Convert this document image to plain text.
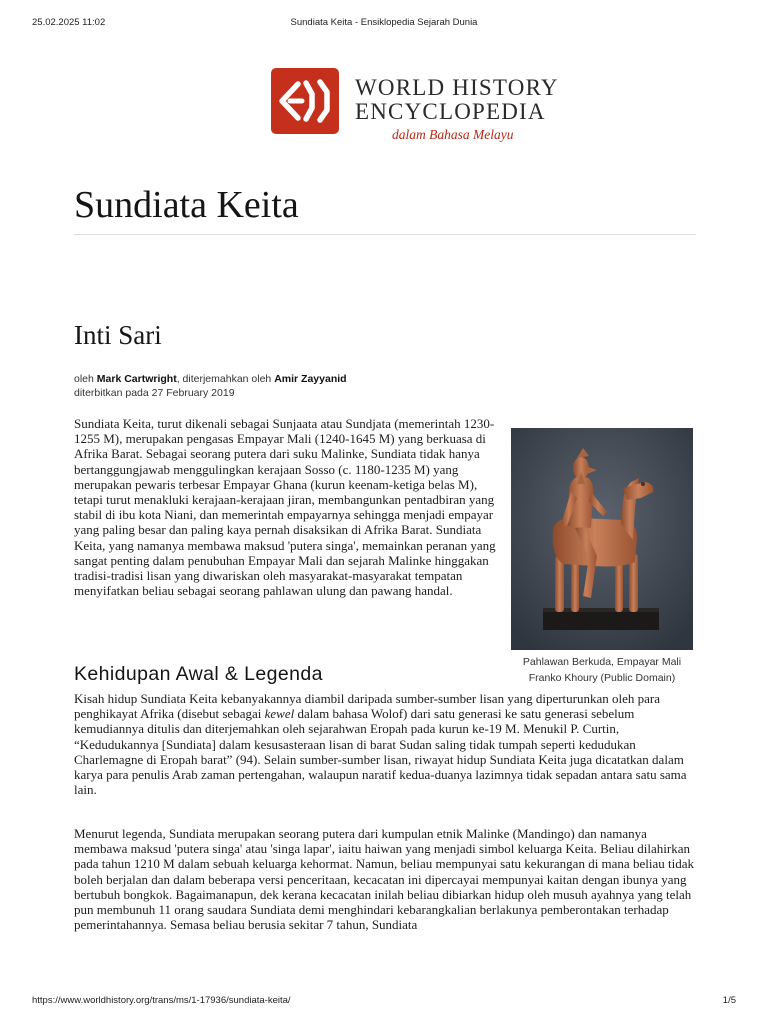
25.02.2025 11:02	Sundiata Keita - Ensiklopedia Sejarah Dunia
WORLD HISTORY
ENCYCLOPEDIA
dalam Bahasa Melayu
Sundiata Keita
Inti Sari
oleh Mark Cartwright, diterjemahkan oleh Amir Zayyanid
diterbitkan pada 27 February 2019

Sundiata Keita, turut dikenali sebagai Sunjaata atau Sundjata (memerintah 1230-1255 M), merupakan pengasas Empayar Mali (1240-1645 M) yang berkuasa di Afrika Barat. Sebagai seorang putera dari suku Malinke, Sundiata tidak hanya bertanggungjawab menggulingkan kerajaan Sosso (c. 1180-1235 M) yang merupakan pewaris terbesar Empayar Ghana (kurun keenam-ketiga belas M), tetapi turut menakluki kerajaan-kerajaan jiran, membangunkan pentadbiran yang stabil di ibu kota Niani, dan memerintah empayarnya sehingga menjadi empayar yang paling besar dan paling kaya pernah disaksikan di Afrika Barat. Sundiata Keita, yang namanya membawa maksud 'putera singa', memainkan peranan yang sangat penting dalam penubuhan Empayar Mali dan sejarah Malinke hinggakan tradisi-tradisi lisan yang diwariskan oleh masyarakat-masyarakat tempatan menyifatkan beliau sebagai seorang pahlawan ulung dan pawang handal.

Pahlawan Berkuda, Empayar Mali
Franko Khoury (Public Domain)
Kehidupan Awal & Legenda

Kisah hidup Sundiata Keita kebanyakannya diambil daripada sumber-sumber lisan yang diperturunkan oleh para penghikayat Afrika (disebut sebagai kewel dalam bahasa Wolof) dari satu generasi ke satu generasi sebelum kemudiannya ditulis dan diterjemahkan oleh sejarahwan Eropah pada kurun ke-19 M. Menukil P. Curtin, “Kedudukannya [Sundiata] dalam kesusasteraan lisan di barat Sudan saling tidak tumpah seperti kedudukan Charlemagne di Eropah barat” (94). Selain sumber-sumber lisan, riwayat hidup Sundiata Keita juga dicatatkan dalam karya para penulis Arab zaman pertengahan, walaupun naratif kedua-duanya lazimnya tidak sepadan antara satu sama lain.

Menurut legenda, Sundiata merupakan seorang putera dari kumpulan etnik Malinke (Mandingo) dan namanya membawa maksud 'putera singa' atau 'singa lapar', iaitu haiwan yang menjadi simbol keluarga Keita. Beliau dilahirkan pada tahun 1210 M dalam sebuah keluarga kehormat. Namun, beliau mempunyai satu kekurangan di mana beliau tidak boleh berjalan dan dalam beberapa versi penceritaan, kecacatan ini dipercayai mempunyai kaitan dengan ibunya yang bertubuh bongkok. Bagaimanapun, dek kerana kecacatan inilah beliau dibiarkan hidup oleh musuh ayahnya yang telah pun membunuh 11 orang saudara Sundiata demi menghindari kebarangkalian berlakunya pemberontakan terhadap pemerintahannya. Semasa beliau berusia sekitar 7 tahun, Sundiata

https://www.worldhistory.org/trans/ms/1-17936/sundiata-keita/	1/5
